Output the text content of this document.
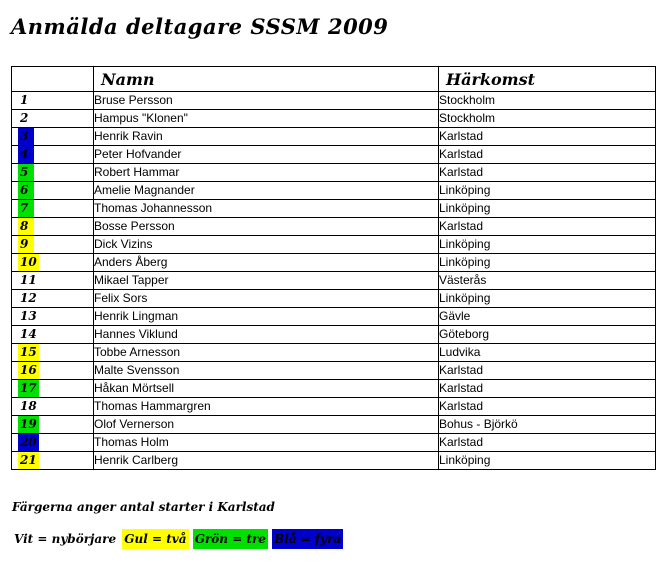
Anmälda deltagare SSSM 2009
	Namn	Härkomst
1	Bruse Persson	Stockholm
2	Hampus "Klonen"	Stockholm
3	Henrik Ravin	Karlstad
4	Peter Hofvander	Karlstad
5	Robert Hammar	Karlstad
6	Amelie Magnander	Linköping
7	Thomas Johannesson	Linköping
8	Bosse Persson	Karlstad
9	Dick Vizins	Linköping
10	Anders Åberg	Linköping
11	Mikael Tapper	Västerås
12	Felix Sors	Linköping
13	Henrik Lingman	Gävle
14	Hannes Viklund	Göteborg
15	Tobbe Arnesson	Ludvika
16	Malte Svensson	Karlstad
17	Håkan Mörtsell	Karlstad
18	Thomas Hammargren	Karlstad
19	Olof Vernerson	Bohus - Björkö
20	Thomas Holm	Karlstad
21	Henrik Carlberg	Linköping
Färgerna anger antal starter i Karlstad
Vit = nybörjare Gul = två Grön = tre Blå = fyra
